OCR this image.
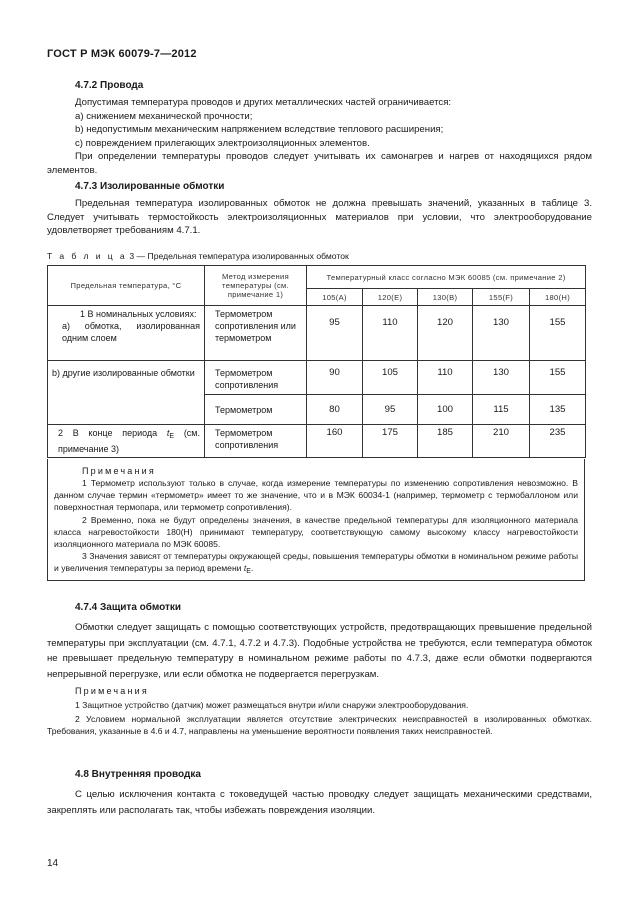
ГОСТ Р МЭК 60079-7—2012
4.7.2 Провода

Допустимая температура проводов и других металлических частей ограничивается:

а) снижением механической прочности;

b) недопустимым механическим напряжением вследствие теплового расширения;

с) повреждением прилегающих электроизоляционных элементов.

При определении температуры проводов следует учитывать их самонагрев и нагрев от находящихся рядом элементов.

4.7.3 Изолированные обмотки

Предельная температура изолированных обмоток не должна превышать значений, указанных в таблице 3. Следует учитывать термостойкость электроизоляционных материалов при условии, что электрооборудование удовлетворяет требованиям 4.7.1.

Т а б л и ц а 3 — Предельная температура изолированных обмоток
Предельная температура, °С	Метод измерения температуры (см. примечание 1)	Температурный класс согласно МЭК 60085 (см. примечание 2)				
		105(А)	120(Е)	130(В)	155(F)	180(Н)

1 В номинальных условиях:
а) обмотка, изолированная одним слоем	Термометром сопротивления или термометром	95	110	120	130	155
b) другие изолированные обмотки	Термометром сопротивления	90	105	110	130	155
	Термометром	80	95	100	115	135
2 В конце периода $t_E$ (см. примечание 3)	Термометром сопротивления	160	175	185	210	235
Примечания

1 Термометр используют только в случае, когда измерение температуры по изменению сопротивления невозможно. В данном случае термин «термометр» имеет то же значение, что и в МЭК 60034-1 (например, термометр с термобаллоном или поверхностная термопара, или термометр сопротивления).

2 Временно, пока не будут определены значения, в качестве предельной температуры для изоляционного материала класса нагревостойкости 180(Н) принимают температуру, соответствующую самому высокому классу нагревостойкости изоляционного материала по МЭК 60085.

3 Значения зависят от температуры окружающей среды, повышения температуры обмотки в номинальном режиме работы и увеличения температуры за период времени $t_E$.

4.7.4 Защита обмотки

Обмотки следует защищать с помощью соответствующих устройств, предотвращающих превышение предельной температуры при эксплуатации (см. 4.7.1, 4.7.2 и 4.7.3). Подобные устройства не требуются, если температура обмоток не превышает предельную температуру в номинальном режиме работы по 4.7.3, даже если обмотки подвергаются непрерывной перегрузке, или если обмотка не подвергается перегрузкам.

Примечания

1 Защитное устройство (датчик) может размещаться внутри и/или снаружи электрооборудования.

2 Условием нормальной эксплуатации является отсутствие электрических неисправностей в изолированных обмотках. Требования, указанные в 4.6 и 4.7, направлены на уменьшение вероятности появления таких неисправностей.

4.8 Внутренняя проводка

С целью исключения контакта с токоведущей частью проводку следует защищать механическими средствами, закреплять или располагать так, чтобы избежать повреждения изоляции.

14
